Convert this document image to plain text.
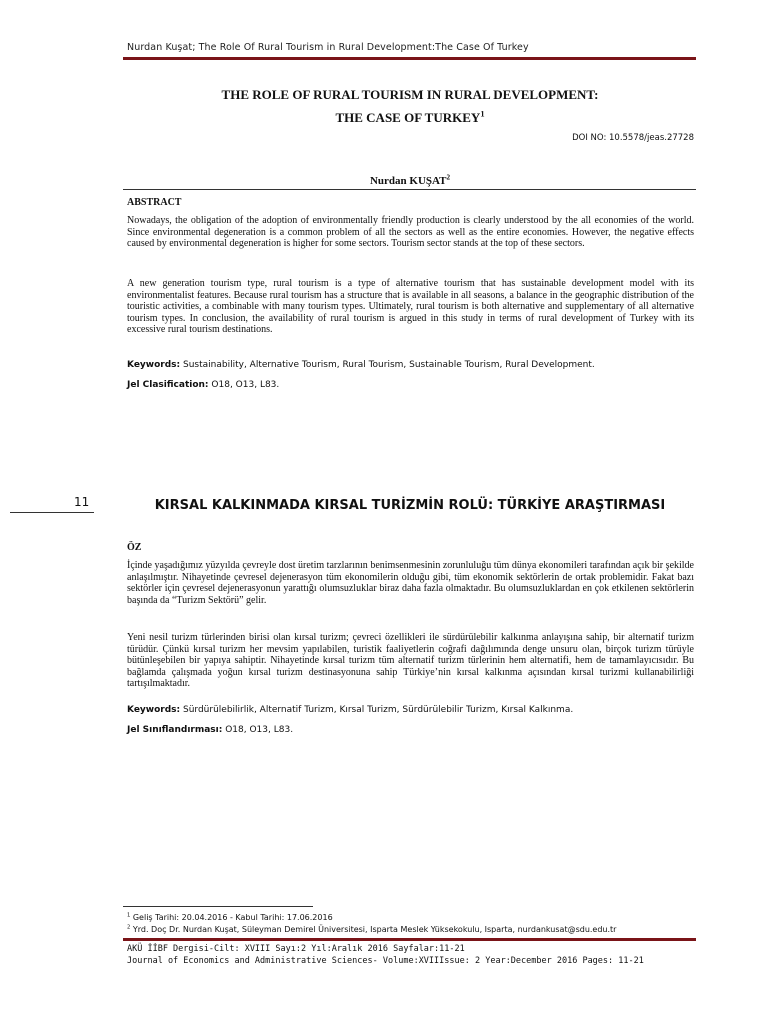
Nurdan Kuşat; The Role Of Rural Tourism in Rural Development:The Case Of Turkey
THE ROLE OF RURAL TOURISM IN RURAL DEVELOPMENT:
THE CASE OF TURKEY$^1$
DOI NO: 10.5578/jeas.27728
Nurdan KUŞAT$^2$
ABSTRACT
Nowadays, the obligation of the adoption of environmentally friendly production is clearly understood by the all economies of the world. Since environmental degeneration is a common problem of all the sectors as well as the entire economies. However, the negative effects caused by environmental degeneration is higher for some sectors. Tourism sector stands at the top of these sectors.
A new generation tourism type, rural tourism is a type of alternative tourism that has sustainable development model with its environmentalist features. Because rural tourism has a structure that is available in all seasons, a balance in the geographic distribution of the touristic activities, a combinable with many tourism types. Ultimately, rural tourism is both alternative and supplementary of all alternative tourism types. In conclusion, the availability of rural tourism is argued in this study in terms of rural development of Turkey with its excessive rural tourism destinations.
Keywords: Sustainability, Alternative Tourism, Rural Tourism, Sustainable Tourism, Rural Development.
Jel Clasification: O18, O13, L83.
11	KIRSAL KALKINMADA KIRSAL TURİZMİN ROLÜ: TÜRKİYE ARAŞTIRMASI
ÖZ
İçinde yaşadığımız yüzyılda çevreyle dost üretim tarzlarının benimsenmesinin zorunluluğu tüm dünya ekonomileri tarafından açık bir şekilde anlaşılmıştır. Nihayetinde çevresel dejenerasyon tüm ekonomilerin olduğu gibi, tüm ekonomik sektörlerin de ortak problemidir. Fakat bazı sektörler için çevresel dejenerasyonun yarattığı olumsuzluklar biraz daha fazla olmaktadır. Bu olumsuzluklardan en çok etkilenen sektörlerin başında da “Turizm Sektörü” gelir.
Yeni nesil turizm türlerinden birisi olan kırsal turizm; çevreci özellikleri ile sürdürülebilir kalkınma anlayışına sahip, bir alternatif turizm türüdür. Çünkü kırsal turizm her mevsim yapılabilen, turistik faaliyetlerin coğrafi dağılımında denge unsuru olan, birçok turizm türüyle bütünleşebilen bir yapıya sahiptir. Nihayetinde kırsal turizm tüm alternatif turizm türlerinin hem alternatifi, hem de tamamlayıcısıdır. Bu bağlamda çalışmada yoğun kırsal turizm destinasyonuna sahip Türkiye’nin kırsal kalkınma açısından kırsal turizmi kullanabilirliği tartışılmaktadır.
Keywords: Sürdürülebilirlik, Alternatif Turizm, Kırsal Turizm, Sürdürülebilir Turizm, Kırsal Kalkınma.
Jel Sınıflandırması: O18, O13, L83.
$^1$ Geliş Tarihi: 20.04.2016 - Kabul Tarihi: 17.06.2016
$^2$ Yrd. Doç Dr. Nurdan Kuşat, Süleyman Demirel Üniversitesi, Isparta Meslek Yüksekokulu, Isparta, nurdankusat@sdu.edu.tr
AKÜ İİBF Dergisi-Cilt: XVIII Sayı:2 Yıl:Aralık 2016 Sayfalar:11-21
Journal of Economics and Administrative Sciences- Volume:XVIIIssue: 2 Year:December 2016 Pages: 11-21
